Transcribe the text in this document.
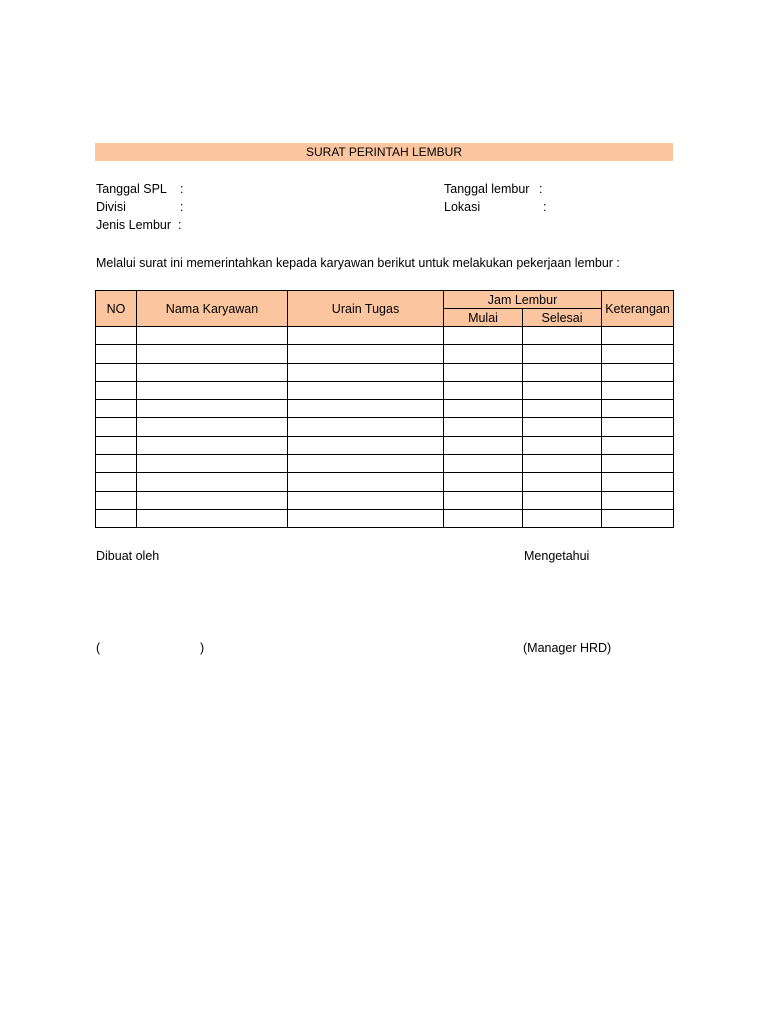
SURAT PERINTAH LEMBUR
Tanggal SPL :
Divisi	:
Jenis Lembur :
Tanggal lembur :
Lokasi	:
Melalui surat ini memerintahkan kepada karyawan berikut untuk melakukan pekerjaan lembur :
NO	Nama Karyawan	Urain Tugas	Jam Lembur		Keterangan
			Mulai	Selesai	

Dibuat oleh	Mengetahui
(	)	(Manager HRD)
